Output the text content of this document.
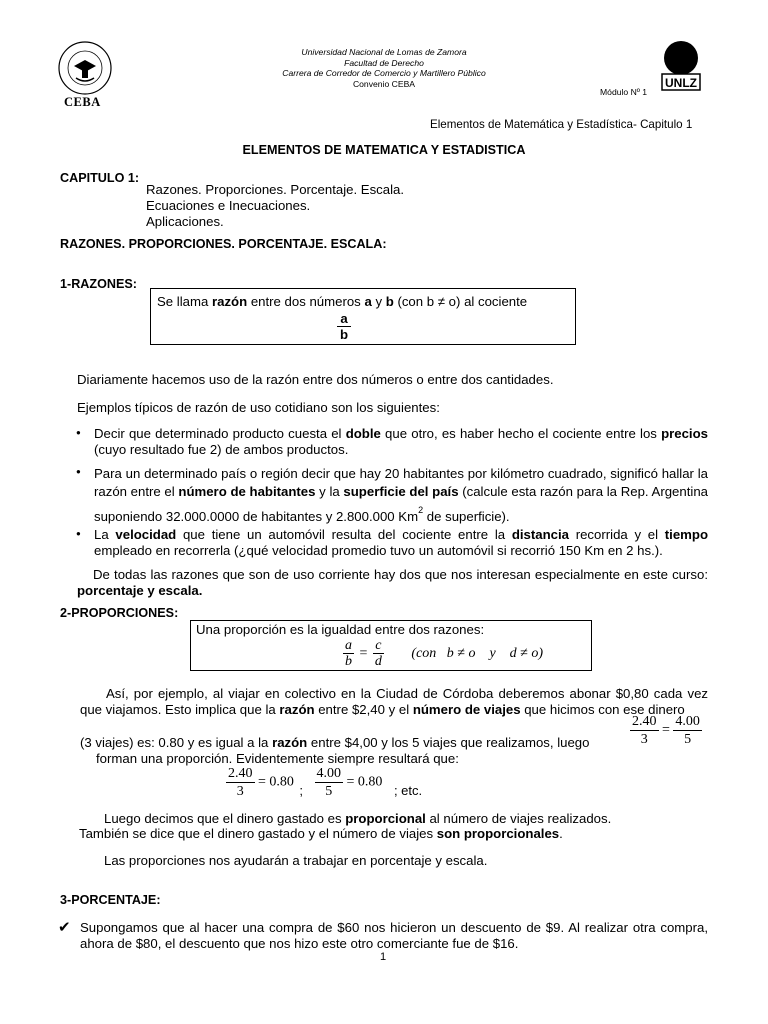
CEBA
Universidad Nacional de Lomas de Zamora
Facultad de Derecho
Carrera de Corredor de Comercio y Martillero Público
Convenio CEBA
Módulo Nº 1
UNLZ
Elementos de Matemática y Estadística- Capitulo 1
ELEMENTOS DE MATEMATICA Y ESTADISTICA
CAPITULO 1:
Razones. Proporciones. Porcentaje. Escala.
Ecuaciones e Inecuaciones.
Aplicaciones.
RAZONES. PROPORCIONES. PORCENTAJE. ESCALA:
1-RAZONES:
Se llama razón entre dos números a y b (con b ≠ o) al cociente
$\frac{a}{b}$
Diariamente hacemos uso de la razón entre dos números o entre dos cantidades.
Ejemplos típicos de razón de uso cotidiano son los siguientes:
● Decir que determinado producto cuesta el doble que otro, es haber hecho el cociente entre los precios (cuyo resultado fue 2) de ambos productos.
● Para un determinado país o región decir que hay 20 habitantes por kilómetro cuadrado, significó hallar la razón entre el número de habitantes y la superficie del país (calcule esta razón para la Rep. Argentina suponiendo 32.000.0000 de habitantes y 2.800.000 Km$^2$ de superficie).
● La velocidad que tiene un automóvil resulta del cociente entre la distancia recorrida y el tiempo empleado en recorrerla (¿qué velocidad promedio tuvo un automóvil si recorrió 150 Km en 2 hs.).
De todas las razones que son de uso corriente hay dos que nos interesan especialmente en este curso: porcentaje y escala.
2-PROPORCIONES:
Una proporción es la igualdad entre dos razones:
$\frac{a}{b} = \frac{c}{d} (con$   b ≠ o    y    d ≠ o)
Así, por ejemplo, al viajar en colectivo en la Ciudad de Córdoba deberemos abonar $0,80 cada vez que viajamos. Esto implica que la razón entre $2,40 y el número de viajes que hicimos con ese dinero
$\frac{2.40}{3} = \frac{4.00}{5}$
(3 viajes) es: 0.80 y es igual a la razón entre $4,00 y los 5 viajes que realizamos, luego
forman una proporción. Evidentemente siempre resultará que:
$\frac{2.40}{3} = 0.80$ ; $\frac{4.00}{5} = 0.80$ ; etc.
Luego decimos que el dinero gastado es proporcional al número de viajes realizados.
También se dice que el dinero gastado y el número de viajes son proporcionales.
Las proporciones nos ayudarán a trabajar en porcentaje y escala.
3-PORCENTAJE:
✔ Supongamos que al hacer una compra de $60 nos hicieron un descuento de $9. Al realizar otra compra, ahora de $80, el descuento que nos hizo este otro comerciante fue de $16.
1
